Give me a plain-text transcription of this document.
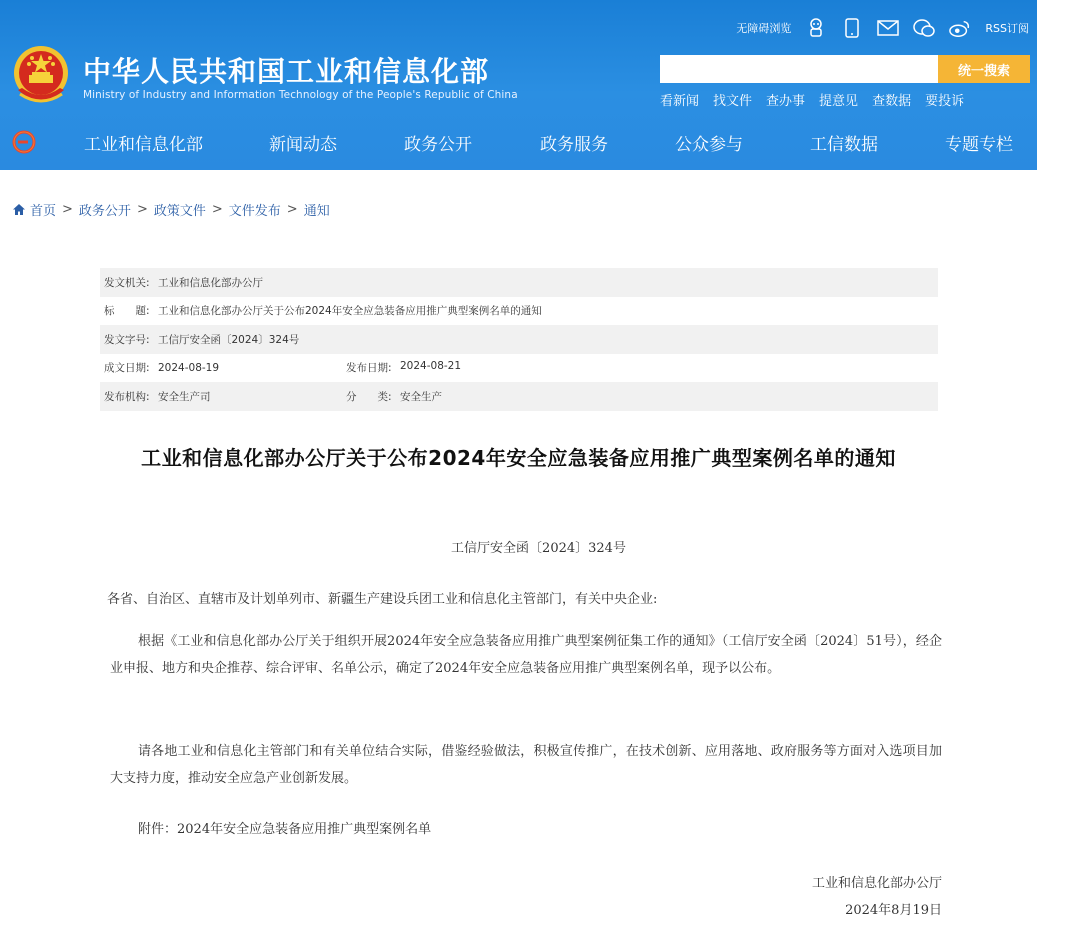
中华人民共和国工业和信息化部
Ministry of Industry and Information Technology of the People's Republic of China
无障碍浏览	RSS订阅
统一搜索
看新闻 找文件 查办事 提意见 查数据 要投诉
工业和信息化部	新闻动态	政务公开	政务服务	公众参与	工信数据	专题专栏
首页 > 政务公开 > 政策文件 > 文件发布 > 通知
发文机关: 工业和信息化部办公厅
标　　题: 工业和信息化部办公厅关于公布2024年安全应急装备应用推广典型案例名单的通知
发文字号: 工信厅安全函〔2024〕324号
成文日期: 2024-08-19	发布日期: 2024-08-21
发布机构: 安全生产司	分　　类: 安全生产
工业和信息化部办公厅关于公布2024年安全应急装备应用推广典型案例名单的通知
工信厅安全函〔2024〕324号
各省、自治区、直辖市及计划单列市、新疆生产建设兵团工业和信息化主管部门，有关中央企业:
根据《工业和信息化部办公厅关于组织开展2024年安全应急装备应用推广典型案例征集工作的通知》（工信厅安全函〔2024〕51号），经企业申报、地方和央企推荐、综合评审、名单公示，确定了2024年安全应急装备应用推广典型案例名单，现予以公布。
请各地工业和信息化主管部门和有关单位结合实际，借鉴经验做法，积极宣传推广，在技术创新、应用落地、政府服务等方面对入选项目加大支持力度，推动安全应急产业创新发展。
附件：2024年安全应急装备应用推广典型案例名单
工业和信息化部办公厅
2024年8月19日
